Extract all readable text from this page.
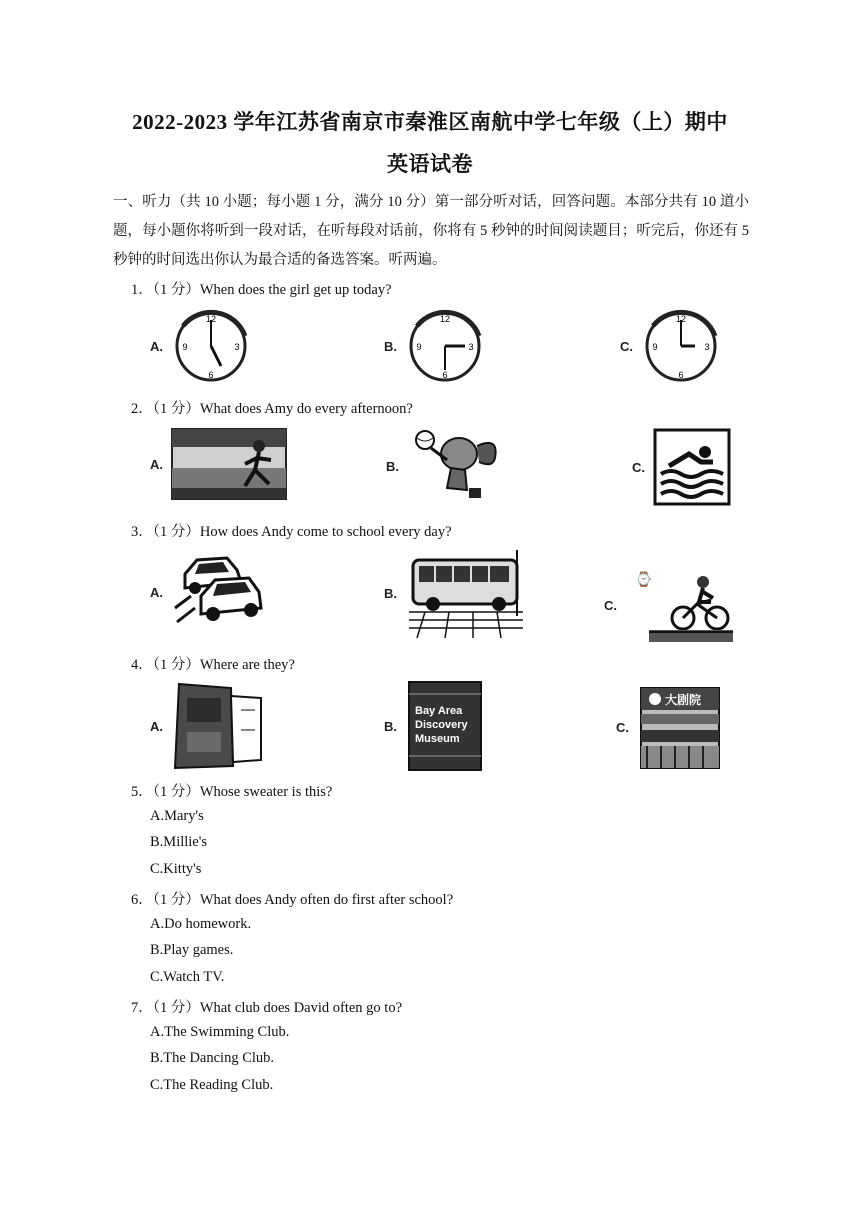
2022-2023 学年江苏省南京市秦淮区南航中学七年级（上）期中
英语试卷
一、听力（共 10 小题；每小题 1 分，满分 10 分）第一部分听对话，回答问题。本部分共有 10 道小题，每小题你将听到一段对话，在听每段对话前，你将有 5 秒钟的时间阅读题目；听完后，你还有 5 秒钟的时间选出你认为最合适的备选答案。听两遍。
1．（1 分）When does the girl get up today?
A.
12
3
6
9	B.
12
3
6
9	C.
12
3
6
9
2．（1 分）What does Amy do every afternoon?
A.	B.	C.
3．（1 分）How does Andy come to school every day?
A.	B.
C.
⌚
4．（1 分）Where are they?
A.	B.
Bay Area
Discovery
Museum
C.
大剧院
5．（1 分）Whose sweater is this?
A.Mary's
B.Millie's
C.Kitty's
6．（1 分）What does Andy often do first after school?
A.Do homework.
B.Play games.
C.Watch TV.
7．（1 分）What club does David often go to?
A.The Swimming Club.
B.The Dancing Club.
C.The Reading Club.
